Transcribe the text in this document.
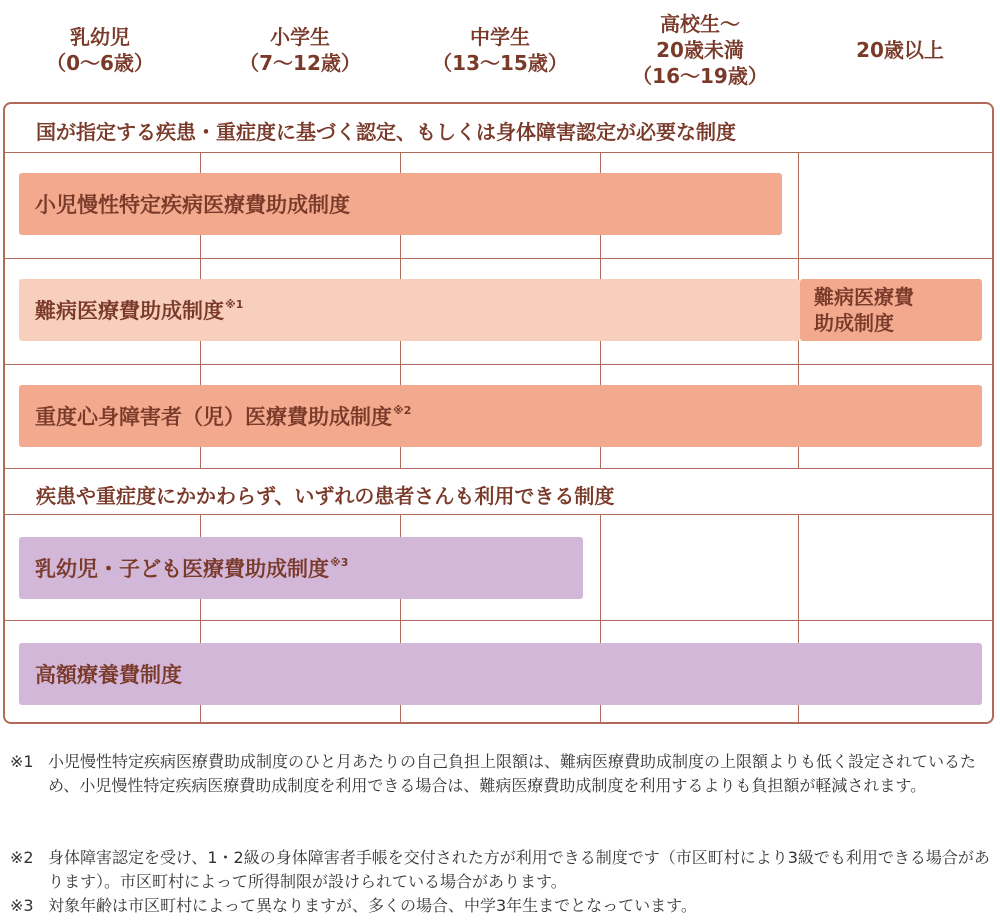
乳幼児
（0～6歳）
小学生
（7～12歳）
中学生
（13～15歳）
高校生～
20歳未満
（16～19歳）
20歳以上
国が指定する疾患・重症度に基づく認定、もしくは身体障害認定が必要な制度
疾患や重症度にかかわらず、いずれの患者さんも利用できる制度
小児慢性特定疾病医療費助成制度
難病医療費助成制度$^{※1}$	難病医療費
助成制度
重度心身障害者（児）医療費助成制度$^{※2}$
乳幼児・子ども医療費助成制度$^{※3}$
高額療養費制度
※1 小児慢性特定疾病医療費助成制度のひと月あたりの自己負担上限額は、難病医療費助成制度の上限額よりも低く設定されているため、小児慢性特定疾病医療費助成制度を利用できる場合は、難病医療費助成制度を利用するよりも負担額が軽減されます。
※2 身体障害認定を受け、1・2級の身体障害者手帳を交付された方が利用できる制度です（市区町村により3級でも利用できる場合があります）。市区町村によって所得制限が設けられている場合があります。
※3 対象年齢は市区町村によって異なりますが、多くの場合、中学3年生までとなっています。
